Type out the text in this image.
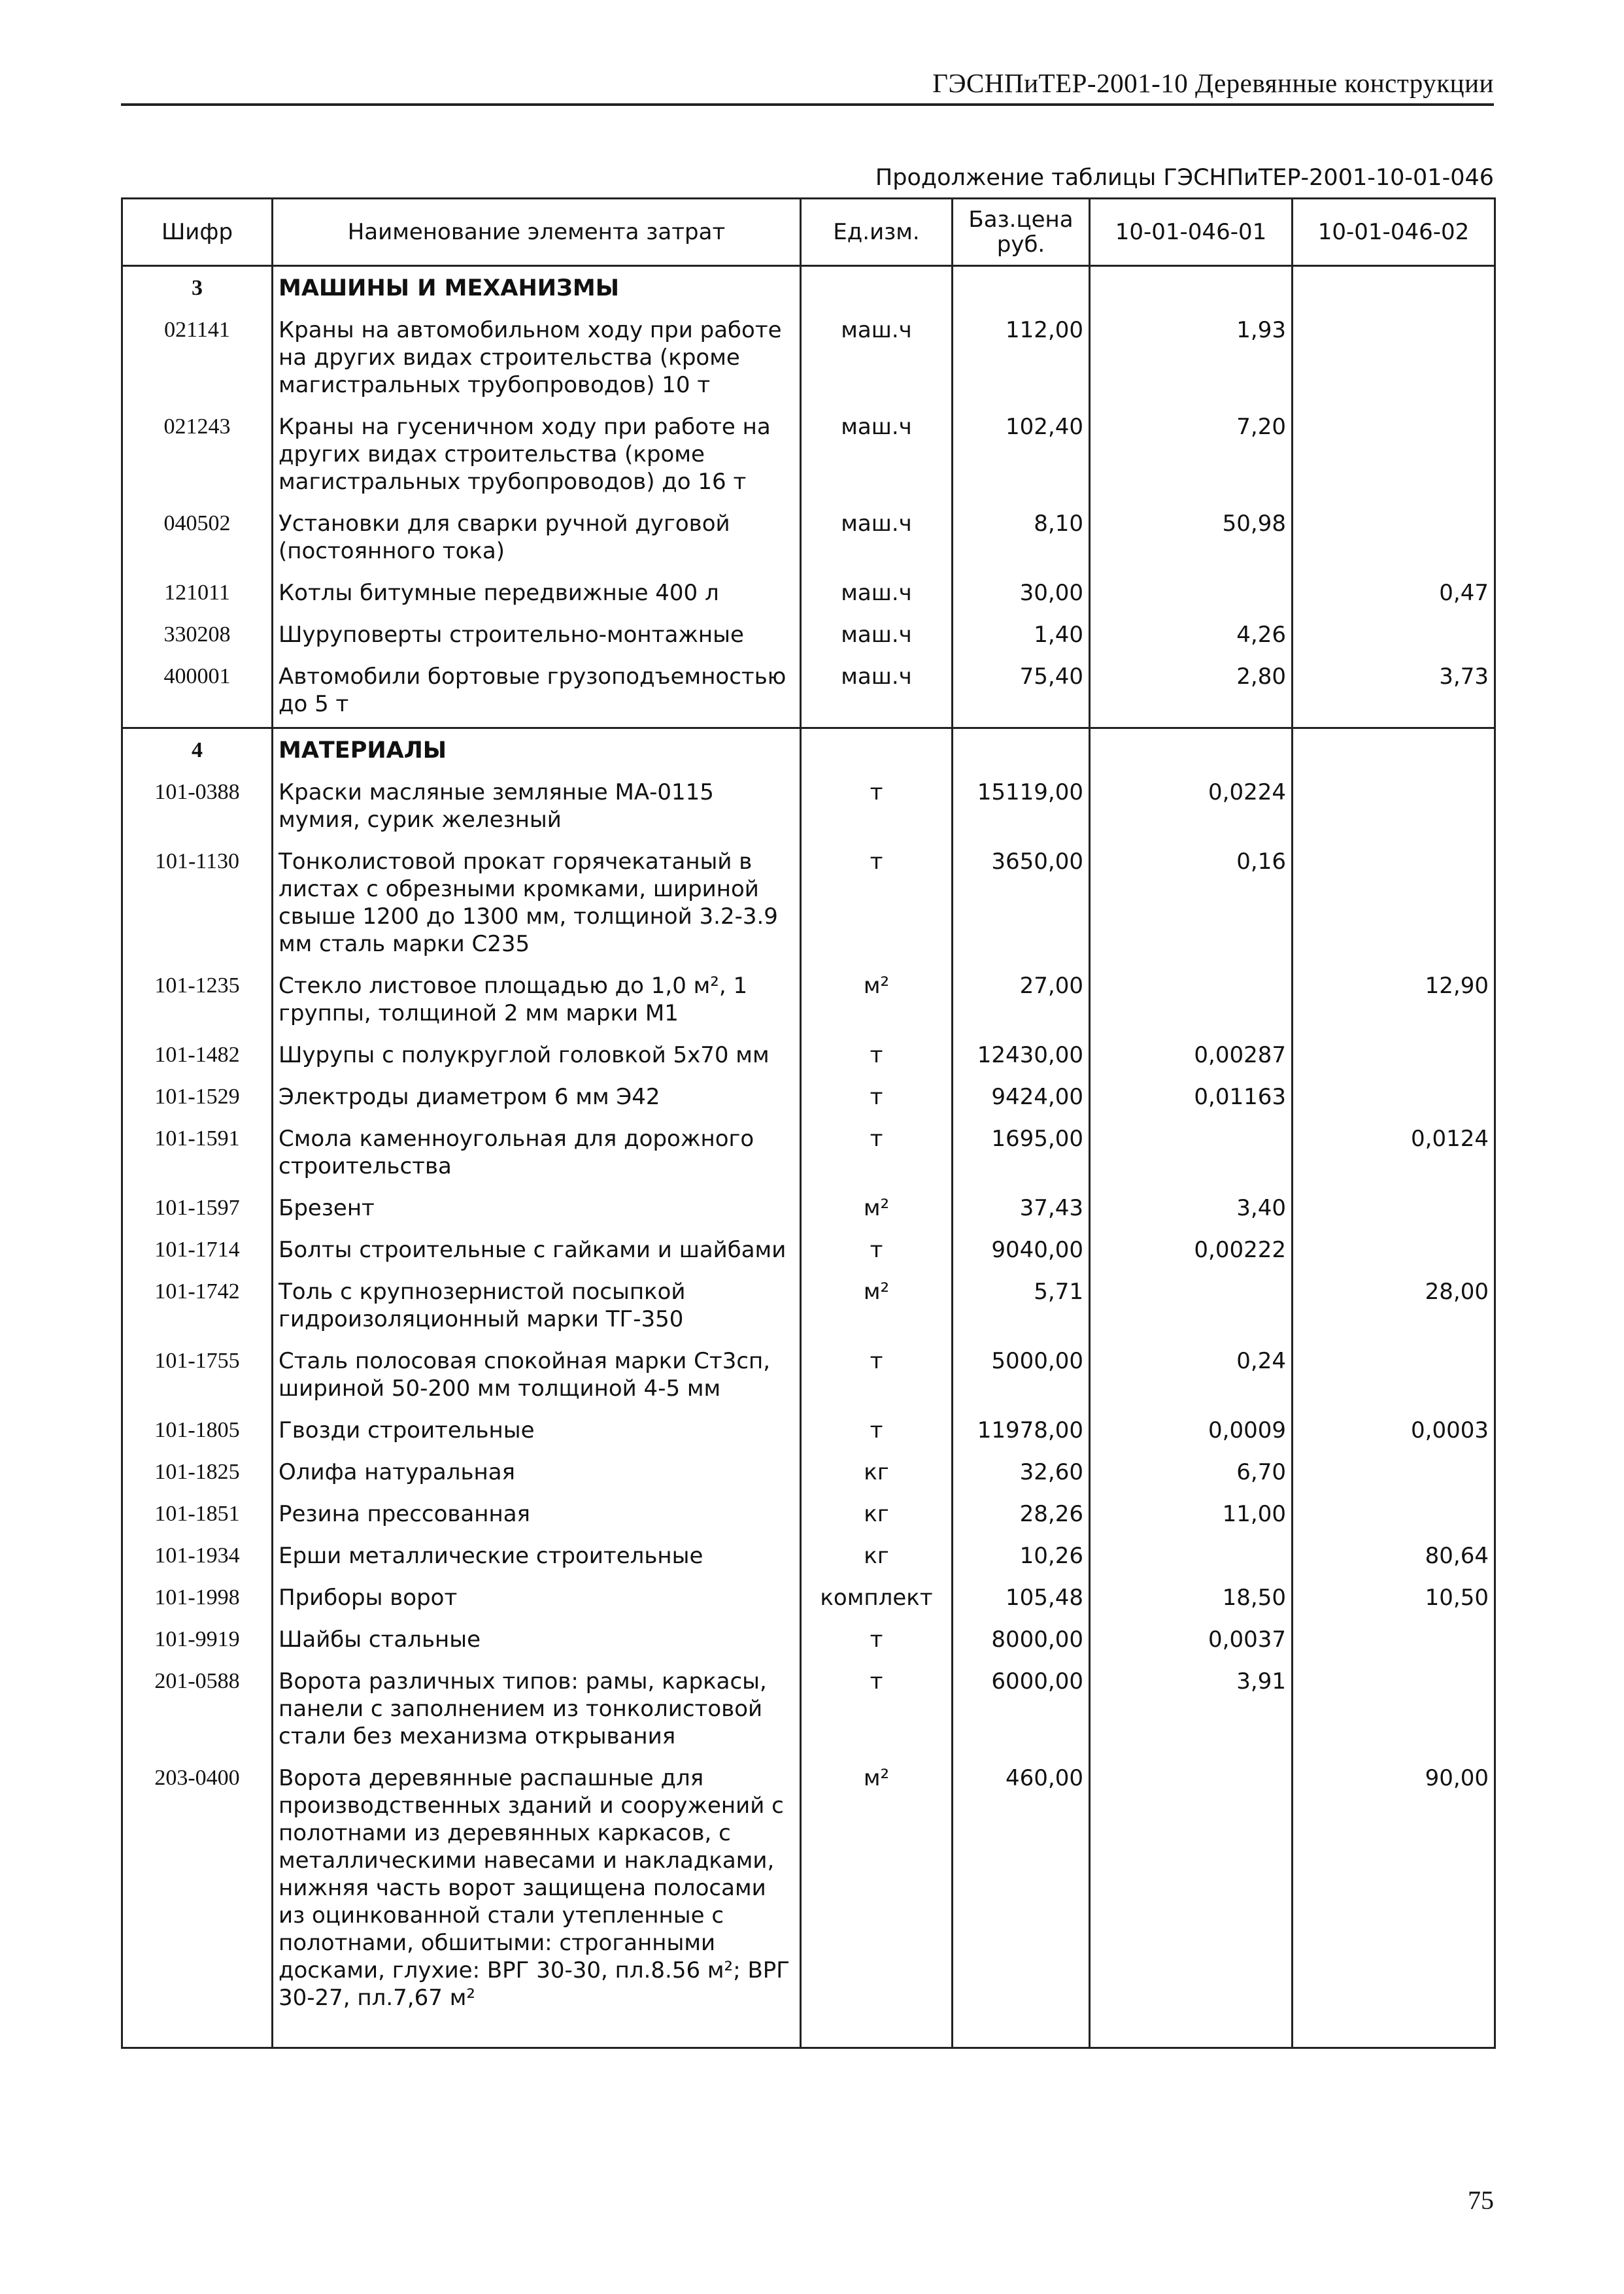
ГЭСНПиТЕР-2001-10 Деревянные конструкции
Продолжение таблицы ГЭСНПиТЕР-2001-10-01-046
Шифр	Наименование элемента затрат	Ед.изм.	Баз.цена руб.	10-01-046-01	10-01-046-02
3	МАШИНЫ И МЕХАНИЗМЫ				
021141	Краны на автомобильном ходу при работе на других видах строительства (кроме магистральных трубопроводов) 10 т	маш.ч	112,00	1,93	
021243	Краны на гусеничном ходу при работе на других видах строительства (кроме магистральных трубопроводов) до 16 т	маш.ч	102,40	7,20	
040502	Установки для сварки ручной дуговой (постоянного тока)	маш.ч	8,10	50,98	
121011	Котлы битумные передвижные 400 л	маш.ч	30,00		0,47
330208	Шуруповерты строительно-монтажные	маш.ч	1,40	4,26	
400001	Автомобили бортовые грузоподъемностью до 5 т	маш.ч	75,40	2,80	3,73
4	МАТЕРИАЛЫ				
101-0388	Краски масляные земляные МА-0115 мумия, сурик железный	т	15119,00	0,0224	
101-1130	Тонколистовой прокат горячекатаный в листах с обрезными кромками, шириной свыше 1200 до 1300 мм, толщиной 3.2-3.9 мм сталь марки С235	т	3650,00	0,16	
101-1235	Стекло листовое площадью до 1,0 м², 1 группы, толщиной 2 мм марки М1	м²	27,00		12,90
101-1482	Шурупы с полукруглой головкой 5х70 мм	т	12430,00	0,00287	
101-1529	Электроды диаметром 6 мм Э42	т	9424,00	0,01163	
101-1591	Смола каменноугольная для дорожного строительства	т	1695,00		0,0124
101-1597	Брезент	м²	37,43	3,40	
101-1714	Болты строительные с гайками и шайбами	т	9040,00	0,00222	
101-1742	Толь с крупнозернистой посыпкой гидроизоляционный марки ТГ-350	м²	5,71		28,00
101-1755	Сталь полосовая спокойная марки Ст3сп, шириной 50-200 мм толщиной 4-5 мм	т	5000,00	0,24	
101-1805	Гвозди строительные	т	11978,00	0,0009	0,0003
101-1825	Олифа натуральная	кг	32,60	6,70	
101-1851	Резина прессованная	кг	28,26	11,00	
101-1934	Ерши металлические строительные	кг	10,26		80,64
101-1998	Приборы ворот	комплект	105,48	18,50	10,50
101-9919	Шайбы стальные	т	8000,00	0,0037	
201-0588	Ворота различных типов: рамы, каркасы, панели с заполнением из тонколистовой стали без механизма открывания	т	6000,00	3,91	
203-0400	Ворота деревянные распашные для производственных зданий и сооружений с полотнами из деревянных каркасов, с металлическими навесами и накладками, нижняя часть ворот защищена полосами из оцинкованной стали утепленные с полотнами, обшитыми: строганными досками, глухие: ВРГ 30-30, пл.8.56 м²; ВРГ 30-27, пл.7,67 м²	м²	460,00		90,00

75
